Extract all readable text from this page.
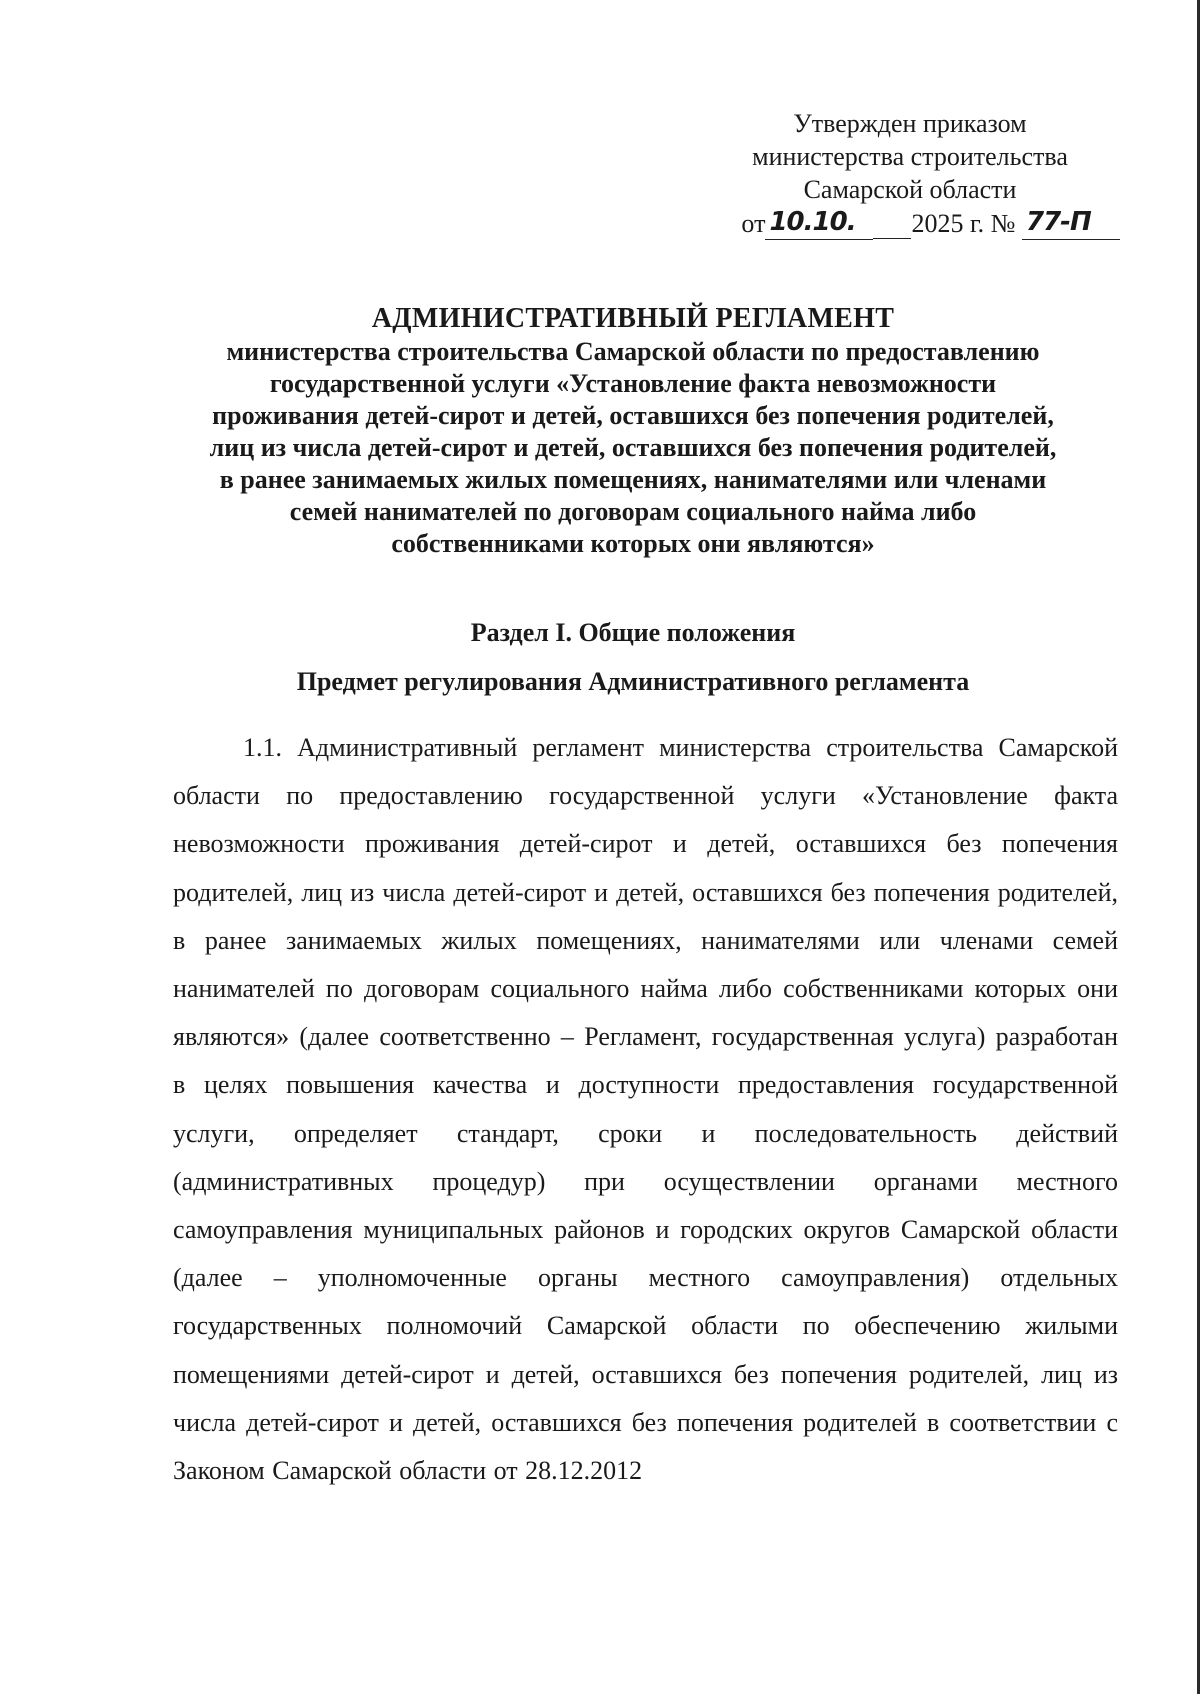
Утвержден приказом
министерства строительства
Самарской области
от 10.10.	2025 г. №
77-П

АДМИНИСТРАТИВНЫЙ РЕГЛАМЕНТ

министерства строительства Самарской области по предоставлению

государственной услуги «Установление факта невозможности

проживания детей-сирот и детей, оставшихся без попечения родителей,

лиц из числа детей-сирот и детей, оставшихся без попечения родителей,

в ранее занимаемых жилых помещениях, нанимателями или членами

семей нанимателей по договорам социального найма либо

собственниками которых они являются»

Раздел I. Общие положения
Предмет регулирования Административного регламента

1.1. Административный регламент министерства строительства Самарской области по предоставлению государственной услуги «Установление факта невозможности проживания детей-сирот и детей, оставшихся без попечения родителей, лиц из числа детей-сирот и детей, оставшихся без попечения родителей, в ранее занимаемых жилых помещениях, нанимателями или членами семей нанимателей по договорам социального найма либо собственниками которых они являются» (далее соответственно – Регламент, государственная услуга) разработан в целях повышения качества и доступности предоставления государственной услуги, определяет стандарт, сроки и последовательность действий (административных процедур) при осуществлении органами местного самоуправления муниципальных районов и городских округов Самарской области (далее – уполномоченные органы местного самоуправления) отдельных государственных полномочий Самарской области по обеспечению жилыми помещениями детей-сирот и детей, оставшихся без попечения родителей, лиц из числа детей-сирот и детей, оставшихся без попечения родителей в соответствии с Законом Самарской области от 28.12.2012
